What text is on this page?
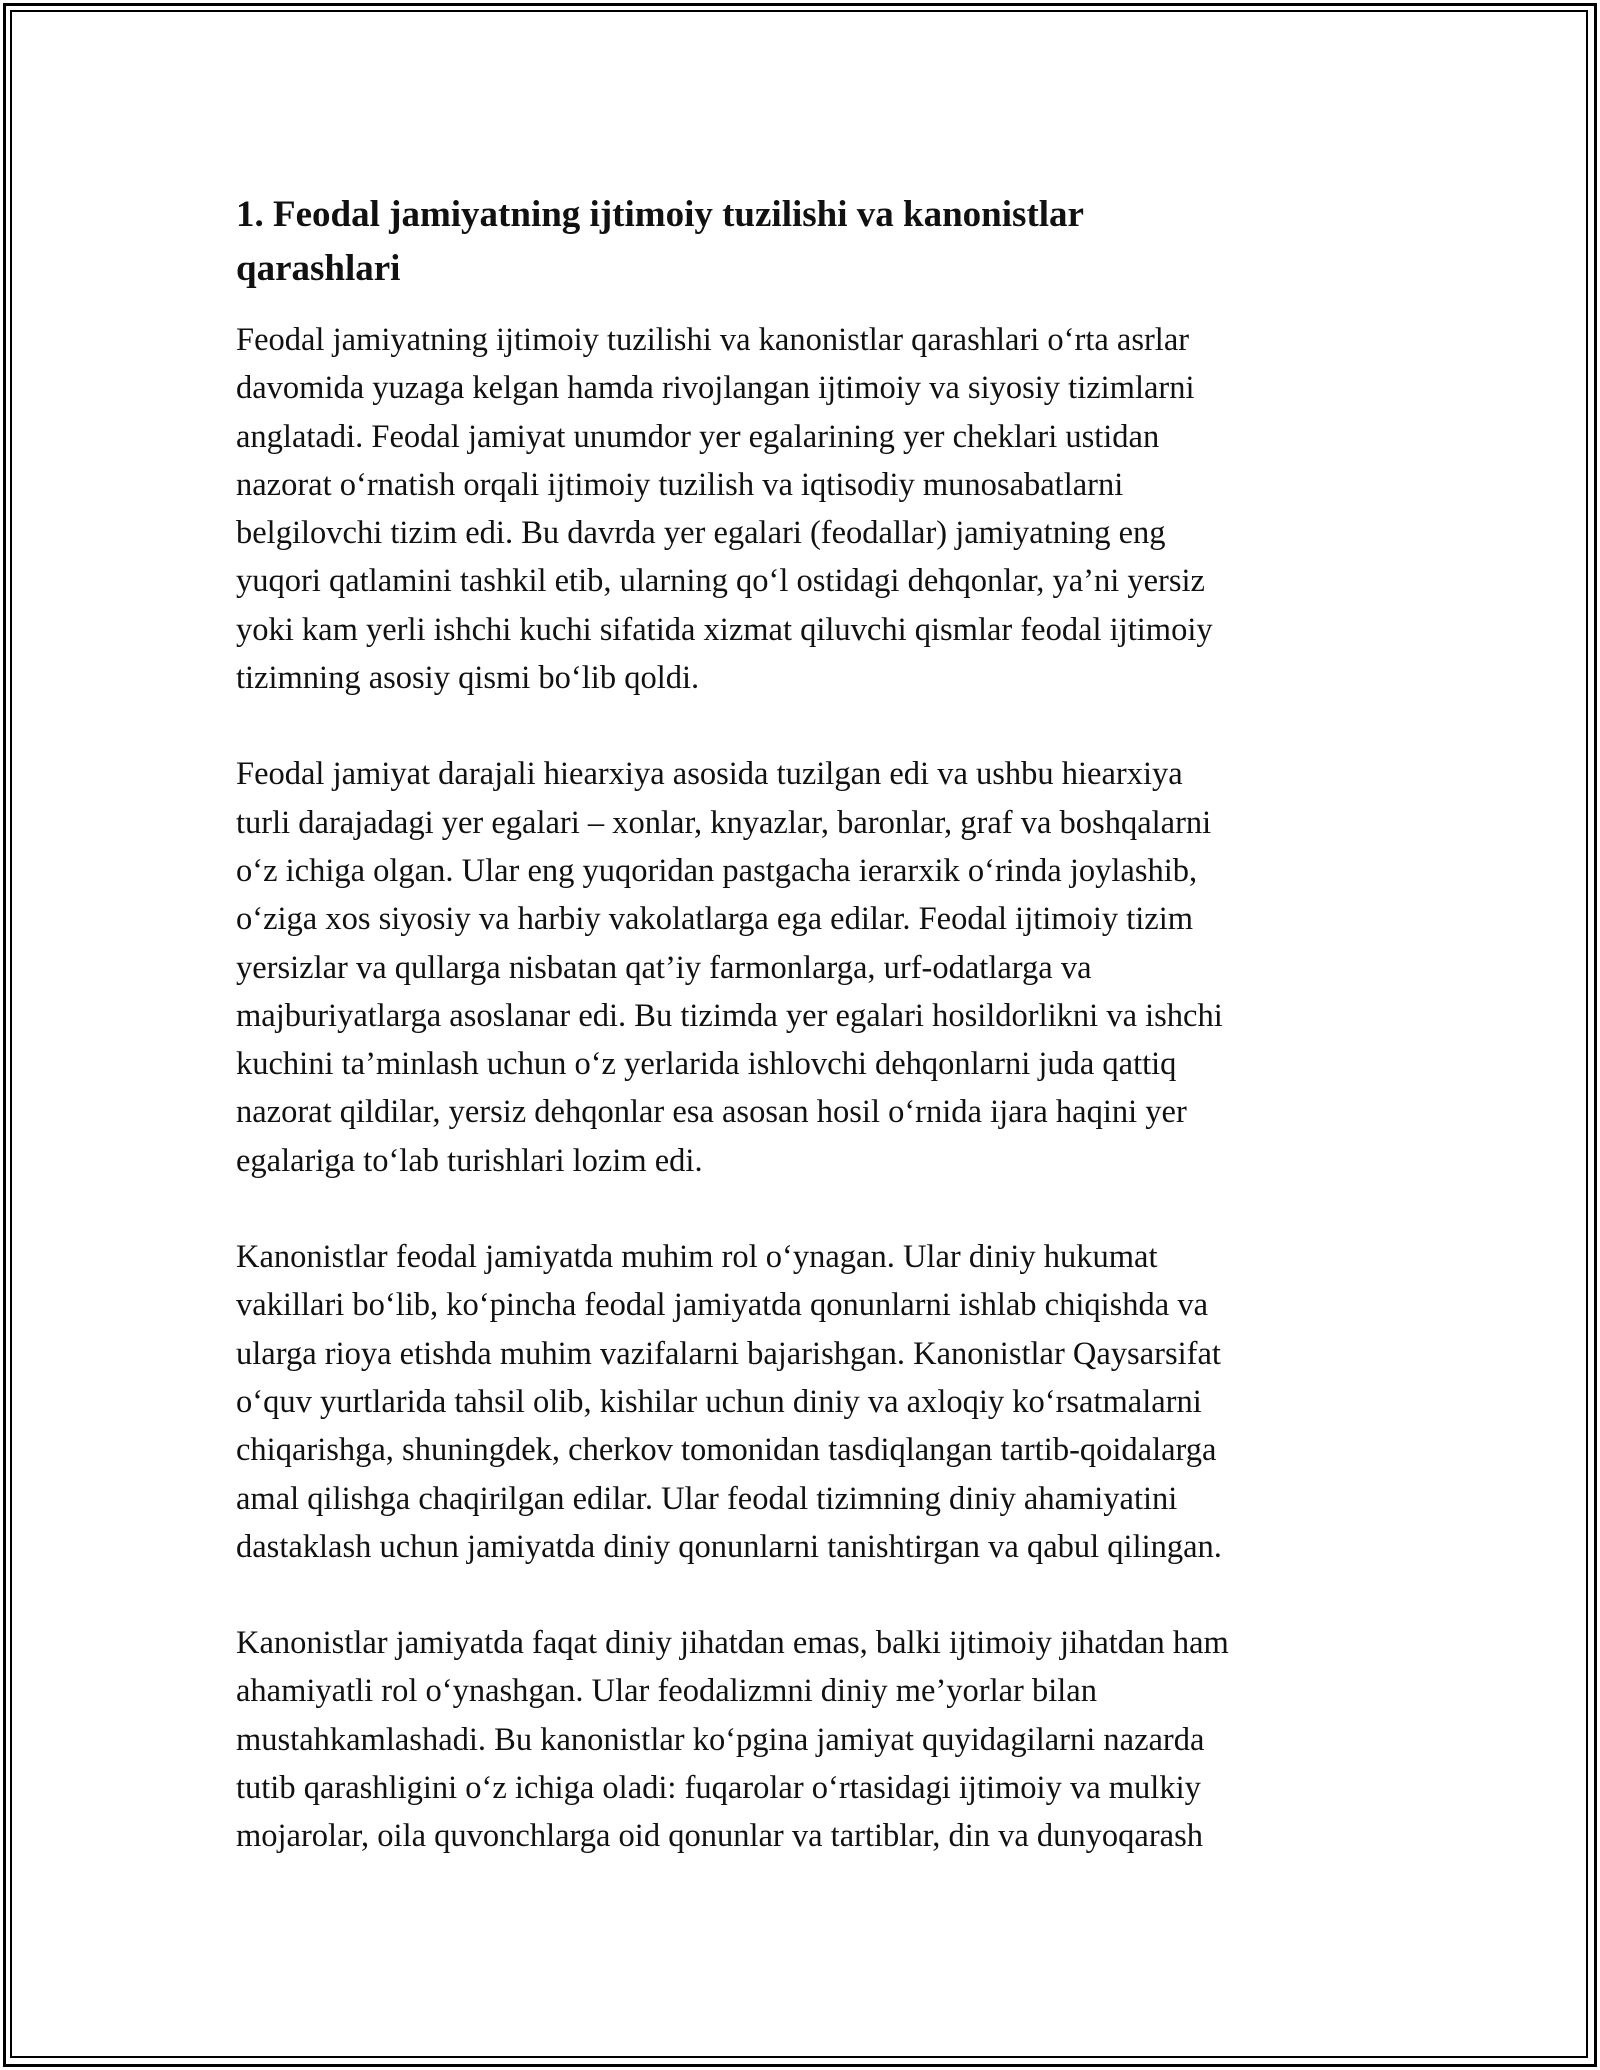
1. Feodal jamiyatning ijtimoiy tuzilishi va kanonistlar
qarashlari
Feodal jamiyatning ijtimoiy tuzilishi va kanonistlar qarashlari o‘rta asrlar
davomida yuzaga kelgan hamda rivojlangan ijtimoiy va siyosiy tizimlarni
anglatadi. Feodal jamiyat unumdor yer egalarining yer cheklari ustidan
nazorat o‘rnatish orqali ijtimoiy tuzilish va iqtisodiy munosabatlarni
belgilovchi tizim edi. Bu davrda yer egalari (feodallar) jamiyatning eng
yuqori qatlamini tashkil etib, ularning qo‘l ostidagi dehqonlar, ya’ni yersiz
yoki kam yerli ishchi kuchi sifatida xizmat qiluvchi qismlar feodal ijtimoiy
tizimning asosiy qismi bo‘lib qoldi.
Feodal jamiyat darajali hiearxiya asosida tuzilgan edi va ushbu hiearxiya
turli darajadagi yer egalari – xonlar, knyazlar, baronlar, graf va boshqalarni
o‘z ichiga olgan. Ular eng yuqoridan pastgacha ierarxik o‘rinda joylashib,
o‘ziga xos siyosiy va harbiy vakolatlarga ega edilar. Feodal ijtimoiy tizim
yersizlar va qullarga nisbatan qat’iy farmonlarga, urf-odatlarga va
majburiyatlarga asoslanar edi. Bu tizimda yer egalari hosildorlikni va ishchi
kuchini ta’minlash uchun o‘z yerlarida ishlovchi dehqonlarni juda qattiq
nazorat qildilar, yersiz dehqonlar esa asosan hosil o‘rnida ijara haqini yer
egalariga to‘lab turishlari lozim edi.
Kanonistlar feodal jamiyatda muhim rol o‘ynagan. Ular diniy hukumat
vakillari bo‘lib, ko‘pincha feodal jamiyatda qonunlarni ishlab chiqishda va
ularga rioya etishda muhim vazifalarni bajarishgan. Kanonistlar Qaysarsifat
o‘quv yurtlarida tahsil olib, kishilar uchun diniy va axloqiy ko‘rsatmalarni
chiqarishga, shuningdek, cherkov tomonidan tasdiqlangan tartib-qoidalarga
amal qilishga chaqirilgan edilar. Ular feodal tizimning diniy ahamiyatini
dastaklash uchun jamiyatda diniy qonunlarni tanishtirgan va qabul qilingan.
Kanonistlar jamiyatda faqat diniy jihatdan emas, balki ijtimoiy jihatdan ham
ahamiyatli rol o‘ynashgan. Ular feodalizmni diniy me’yorlar bilan
mustahkamlashadi. Bu kanonistlar ko‘pgina jamiyat quyidagilarni nazarda
tutib qarashligini o‘z ichiga oladi: fuqarolar o‘rtasidagi ijtimoiy va mulkiy
mojarolar, oila quvonchlarga oid qonunlar va tartiblar, din va dunyoqarash
